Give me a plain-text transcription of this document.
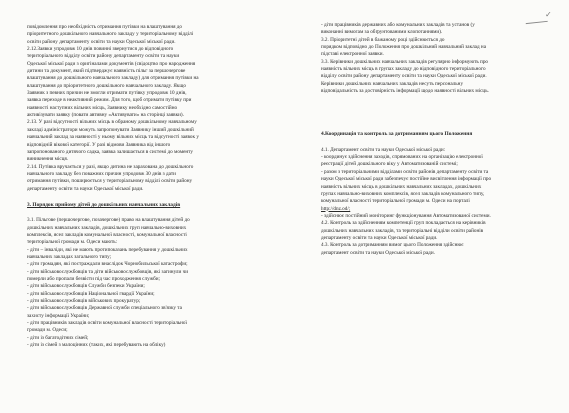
✓
повідомлення про необхідність отримання путівки на влаштування до
пріоритетного дошкільного навчального закладу у територіальному відділі
освіти району департаменту освіти та науки Одеської міської ради.
2.12.Заявки упродовж 10 днів повинні звернутися до відповідного
територіального відділу освіти району департаменту освіти та науки
Одеської міської ради з оригіналами документів (свідоцтво про народження
дитини та документ, який підтверджує наявність пільг за першочергове
влаштування до дошкільного навчального закладу) для отримання путівки на
влаштування до пріоритетного дошкільного навчального закладу. Якщо
Заявник з певних причин не змогли отримати путівку упродовж 10 днів,
заявка переходе в неактивний режим. Для того, щоб отримати путівку при
наявності наступних вільних місць, Заявнику необхідно самостійно
активізувати заявку (повати автивну «Активувати» на сторінці заявки).
2.13. У разі відсутності вільних місць в обраному дошкільному навчальному
закладі адміністратори можуть запропонувати Заявнику інший дошкільний
навчальний заклад за наявності у ньому вільних місць та відсутності заявок у
відповідній вікової категорії. У разі відмови Заявника від іншого
запропонованого дитячого садка, заявка залишається в системі до моменту
виникнення місця.
2.14. Путівка вручається у разі, якщо дитина не зарахована до дошкільного
навчального закладу без поважних причин упродовж 30 днів з дати
отримання путівки, поширюється у територіальному відділі освіти району
департаменту освіти та науки Одеської міської ради.
3. Порядок прийому дітей до дошкільних навчальних закладів
3.1. Пільгове (першочергове, позачергове) право на влаштування дітей до
дошкільних навчальних закладів, дошкільних груп навчально-виховних
комплексів, ясел закладів комунальної власності, комунальної власності
територіальної громади м. Одеси мають:
- діти – інваліди, які не мають протипоказань перебування у дошкільних
навчальних закладах загального типу;
- діти громадян, які постраждали внаслідок Чорнобильської катастрофи;
- діти військовослужбовців та діти військовослужбовців, які загинули чи
померли або пропали безвісти під час проходження служби;
- діти військовослужбовців Служби безпеки України;
- діти військовослужбовців Національної гвардії України;
- діти військовослужбовців військових прокуратур;
- діти військовослужбовців Державної служби спеціального зв'язку та
захисту інформації України;
- діти працівників закладів освіти комунальної власності територіальної
громади м. Одеси;
- діти із багатодітних сімей;
- діти із сімей з малоцінних (таких, які перебувають на обліку)
- діти працівників державних або комунальних закладів та установ (у
виконанні вимогам за обґрунтованими клопотаннями).
3.2. Пріоритетні дітей в бажаному році здійснюється до
порядком відповідно до Положення про дошкільний навчальний заклад на
підставі електронної заявки.
3.3. Керівники дошкільних навчальних закладів регулярно інформують про
наявність вільних місць в групах закладу до відповідного територіального
відділу освіти району департаменту освіти та науки Одеської міської ради.
Керівники дошкільних навчальних закладів несуть персональну
відповідальність за достовірність інформації щодо наявності вільних місць.
4.Координація та контроль за дотриманням цього Положення
4.1. Департамент освіти та науки Одеської міської ради:
- координує здійснення заходів, спрямованих на організацію електронної
реєстрації дітей дошкільного віку у Автоматизованій системі;
- разом з територіальними відділами освіти районів департаменту освіти та
науки Одеської міської ради забезпечує постійне висвітлення інформації про
наявність вільних місць в дошкільних навчальних закладах, дошкільних
групах навчально-виховних комплексів, ясел закладів комунального типу,
комунальної власності територіальної громади м. Одеси на порталі
http://dnz.od/;
- здійснює постійний моніторинг функціонування Автоматизованої системи.
4.2. Контроль за здійсненням компетенції груп покладається на керівників
дошкільних навчальних закладів, та територіальні відділи освіти районів
департаменту освіти та науки Одеської міської ради.
4.3. Контроль за дотриманням вимог цього Положення здійснює
департамент освіти та науки Одеської міської ради.
